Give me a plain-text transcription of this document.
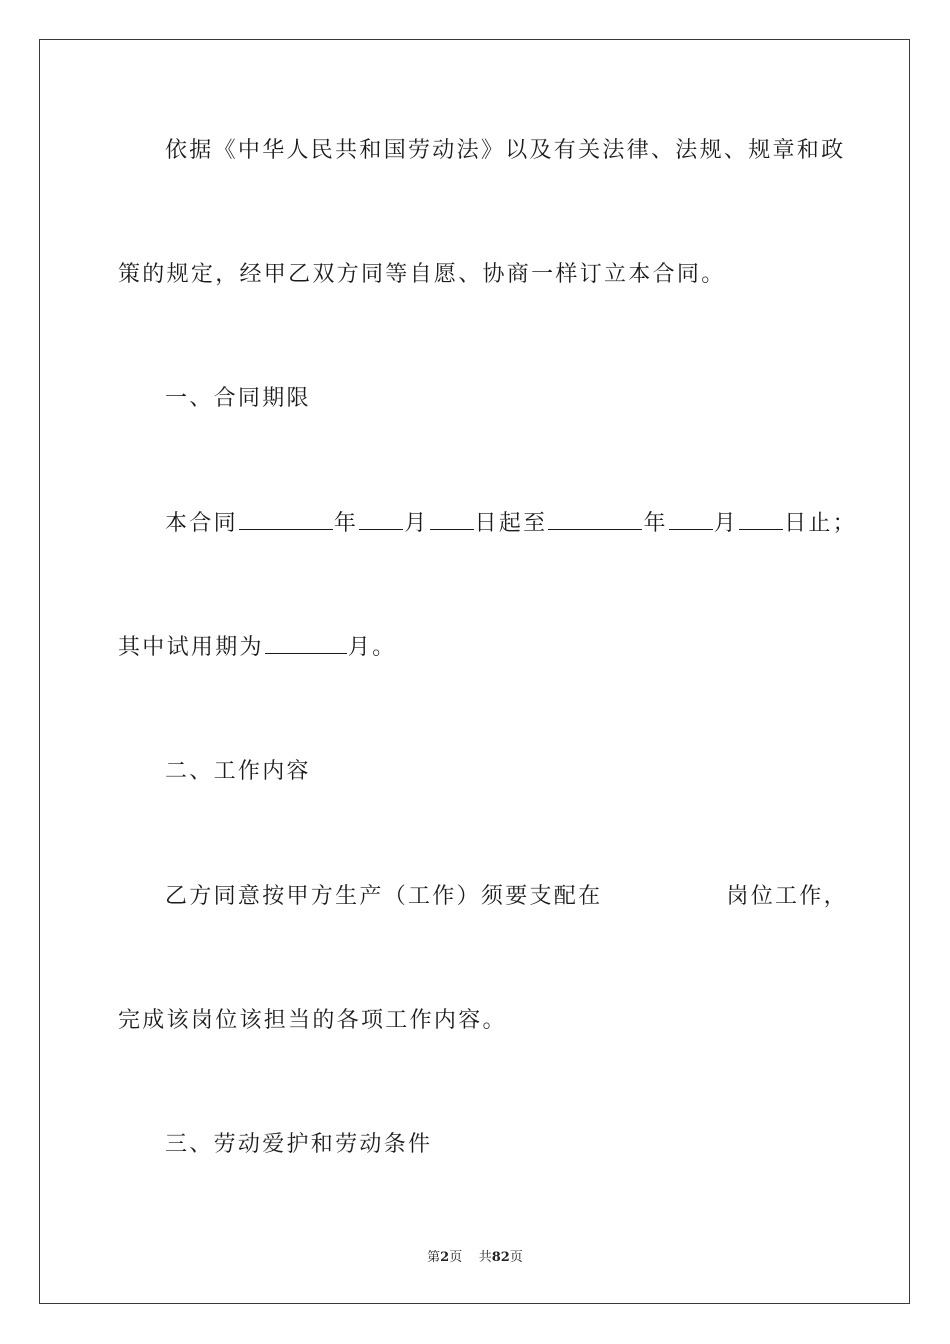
依据《中华人民共和国劳动法》以及有关法律、法规、规章和政
策的规定，经甲乙双方同等自愿、协商一样订立本合同。
一、合同期限
本合同	年 月 日起至	年 月 日止；
其中试用期为	月。
二、工作内容
乙方同意按甲方生产（工作）须要支配在	岗位工作，
完成该岗位该担当的各项工作内容。
三、劳动爱护和劳动条件
第2页 共82页
